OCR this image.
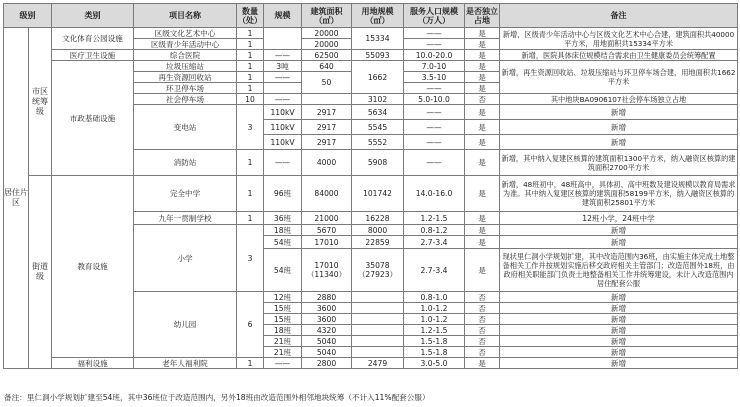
级别		类别	项目名称	数量（处）	规模	建筑面积（㎡）	用地规模（㎡）	服务人口规模（万人）	是否独立占地	备注
居住片区	市区统筹级	文化体育公园设施	区级文化艺术中心	1		20000	15334	——	是	新增，区级青少年活动中心与区级文化艺术中心合建，建筑面积共40000平方米，用地面积共15334平方米
			区级青少年活动中心	1		20000		——	是	
		医疗卫生设施	综合医院	1	——	62500	55093	10.0-20.0	是	新增，医院具体床位规模结合需求由卫生健康委员会统筹配置
		市政基础设施	垃圾压缩站	1	3吨	640	1662	7.0-10	是	新增，再生资源回收站、垃圾压缩站与环卫停车场合建，用地面积共1662平方米
			再生资源回收站	1	——	50		3.5-10	是	
			环卫停车场	1				——	是	
			社会停车场	10	——		3102	5.0-10.0	否	其中地块BA0906107社会停车场独立占地
			变电站	3	110kV	2917	5634	——	是	新增
					110kV	2917	5545	——	是	新增
					110kV	2917	5552	——	是	新增
			消防站	1	——	4000	5908	——	是	新增，其中纳入复建区核算的建筑面积1300平方米，纳入融资区核算的建筑面积2700平方米
	街道级	教育设施	完全中学	1	96班	84000	101742	14.0-16.0	是	新增，48班初中，48班高中，具体初、高中班数及建设规模以教育局需求为准。其中纳入复建区核算的建筑面积58199平方米，纳入融资区核算的建筑面积25801平方米
			九年一贯制学校	1	36班	21000	16228	1.2-1.5	是	12班小学，24班中学
			小学	3	18班	5670	8000	0.8-1.2	是	新增
					54班	17010	22859	2.7-3.4	是	新增
					54班	17010（11340）	35078（27923）	2.7-3.4	是	现状里仁洞小学规划扩建，其中改造范围内36班，由实施主体完成土地整备相关工作并按规划实施后移交政府相关主管部门；改造范围外18班，由政府相关职能部门负责土地整备相关工作并统筹建设，未计入改造范围内居住配套公服
			幼儿园	6	12班	2880		0.8-1.0	否	新增
					15班	3600		1.0-1.2	否	新增
					15班	3600		1.0-1.2	否	新增
					18班	4320		1.2-1.5	否	新增
					21班	5040		1.5-1.8	否	新增
					21班	5040		1.5-1.8	否	新增
		福利设施	老年人福利院	1	——	2800	2479	3.0-5.0	是	新增
备注：里仁洞小学规划扩建至54班，其中36班位于改造范围内，另外18班由改造范围外相邻地块统筹（不计入11%配套公服）
